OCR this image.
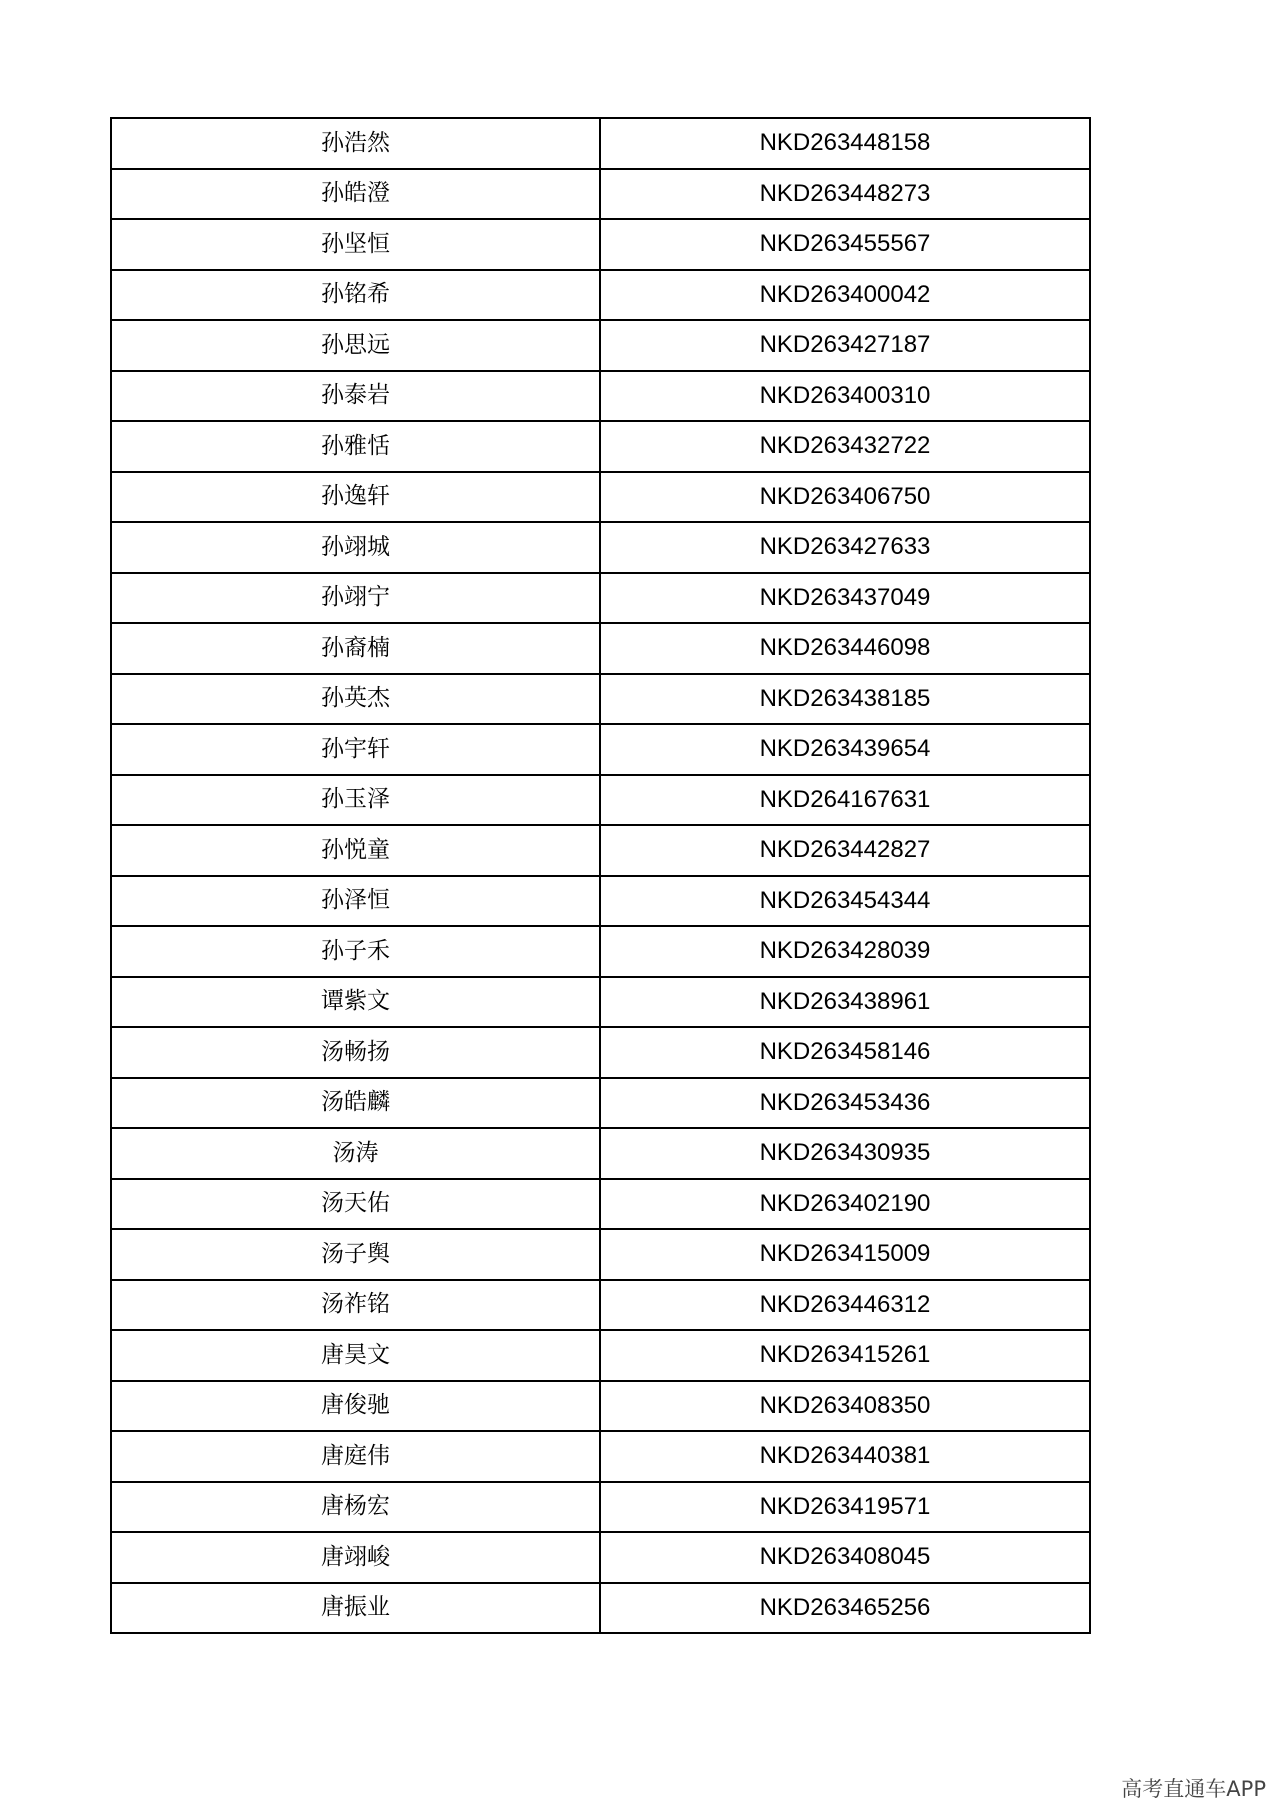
孙浩然	NKD263448158
孙皓澄	NKD263448273
孙坚恒	NKD263455567
孙铭希	NKD263400042
孙思远	NKD263427187
孙泰岩	NKD263400310
孙雅恬	NKD263432722
孙逸轩	NKD263406750
孙翊城	NKD263427633
孙翊宁	NKD263437049
孙裔楠	NKD263446098
孙英杰	NKD263438185
孙宇轩	NKD263439654
孙玉泽	NKD264167631
孙悦童	NKD263442827
孙泽恒	NKD263454344
孙子禾	NKD263428039
谭紫文	NKD263438961
汤畅扬	NKD263458146
汤皓麟	NKD263453436
汤涛	NKD263430935
汤天佑	NKD263402190
汤子舆	NKD263415009
汤祚铭	NKD263446312
唐昊文	NKD263415261
唐俊驰	NKD263408350
唐庭伟	NKD263440381
唐杨宏	NKD263419571
唐翊峻	NKD263408045
唐振业	NKD263465256
高考直通车APP
